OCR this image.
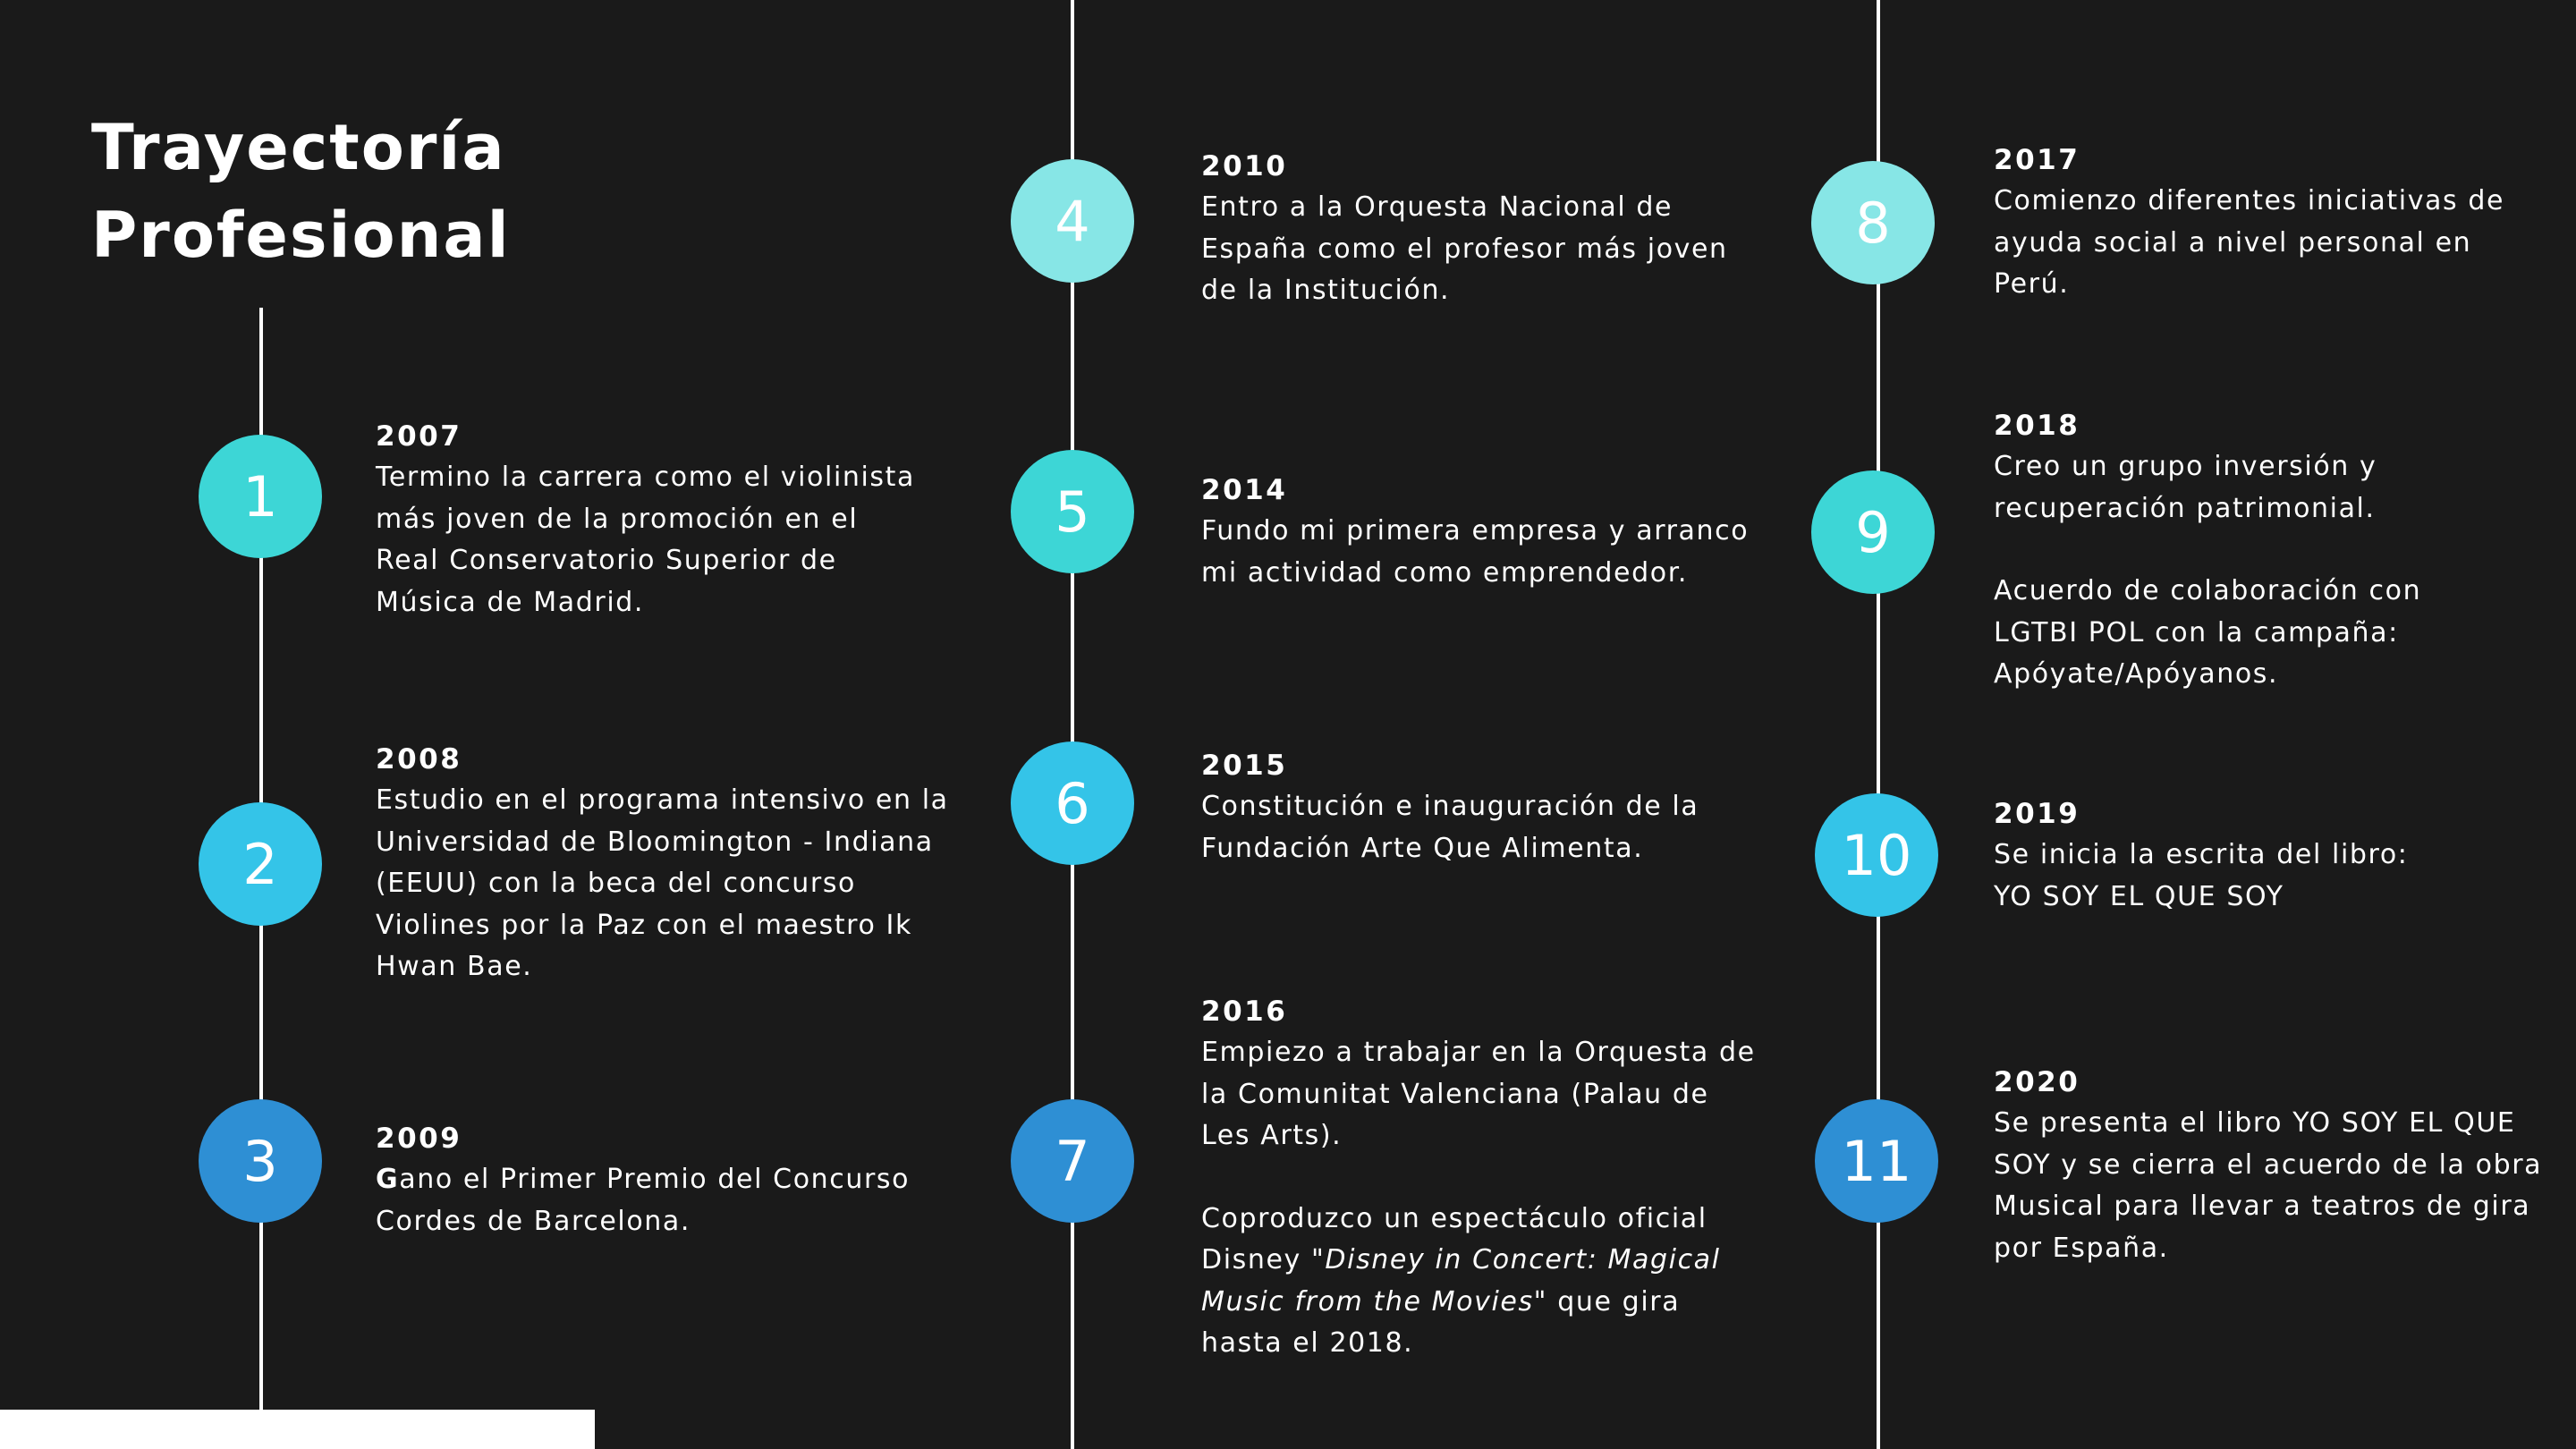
Trayectoría
Profesional
1
2007
Termino la carrera como el violinista
más joven de la promoción en el
Real Conservatorio Superior de
Música de Madrid.
2
2008
Estudio en el programa intensivo en la
Universidad de Bloomington - Indiana
(EEUU) con la beca del concurso
Violines por la Paz con el maestro Ik
Hwan Bae.
3	2009
Gano el Primer Premio del Concurso
Cordes de Barcelona.
4
2010
Entro a la Orquesta Nacional de
España como el profesor más joven
de la Institución.
5	2014
Fundo mi primera empresa y arranco
mi actividad como emprendedor.
6
2015
Constitución e inauguración de la
Fundación Arte Que Alimenta.
7
2016
Empiezo a trabajar en la Orquesta de
la Comunitat Valenciana (Palau de
Les Arts).
Coproduzco un espectáculo oficial
Disney "Disney in Concert: Magical
Music from the Movies" que gira
hasta el 2018.
8
2017
Comienzo diferentes iniciativas de
ayuda social a nivel personal en
Perú.
9
2018
Creo un grupo inversión y
recuperación patrimonial.
Acuerdo de colaboración con
LGTBI POL con la campaña:
Apóyate/Apóyanos.
10
2019
Se inicia la escrita del libro:
YO SOY EL QUE SOY
11
2020
Se presenta el libro YO SOY EL QUE
SOY y se cierra el acuerdo de la obra
Musical para llevar a teatros de gira
por España.
